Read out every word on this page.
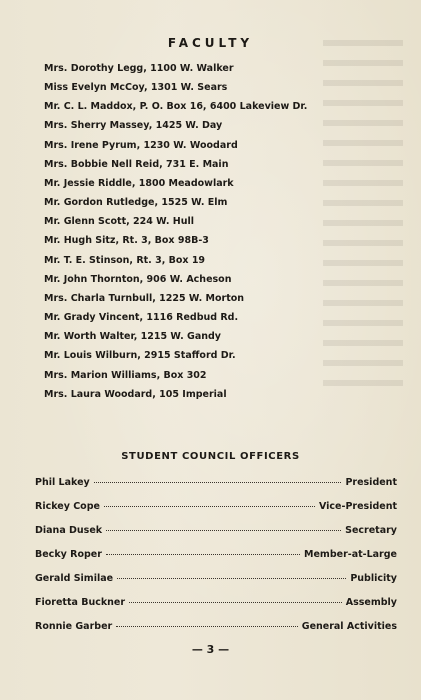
FACULTY
Mrs. Dorothy Legg, 1100 W. Walker
Miss Evelyn McCoy, 1301 W. Sears
Mr. C. L. Maddox, P. O. Box 16, 6400 Lakeview Dr.
Mrs. Sherry Massey, 1425 W. Day
Mrs. Irene Pyrum, 1230 W. Woodard
Mrs. Bobbie Nell Reid, 731 E. Main
Mr. Jessie Riddle, 1800 Meadowlark
Mr. Gordon Rutledge, 1525 W. Elm
Mr. Glenn Scott, 224 W. Hull
Mr. Hugh Sitz, Rt. 3, Box 98B-3
Mr. T. E. Stinson, Rt. 3, Box 19
Mr. John Thornton, 906 W. Acheson
Mrs. Charla Turnbull, 1225 W. Morton
Mr. Grady Vincent, 1116 Redbud Rd.
Mr. Worth Walter, 1215 W. Gandy
Mr. Louis Wilburn, 2915 Stafford Dr.
Mrs. Marion Williams, Box 302
Mrs. Laura Woodard, 105 Imperial
STUDENT COUNCIL OFFICERS
Phil Lakey	President
Rickey Cope	Vice-President
Diana Dusek	Secretary
Becky Roper	Member-at-Large
Gerald Similae	Publicity
Fioretta Buckner	Assembly
Ronnie Garber	General Activities
— 3 —
